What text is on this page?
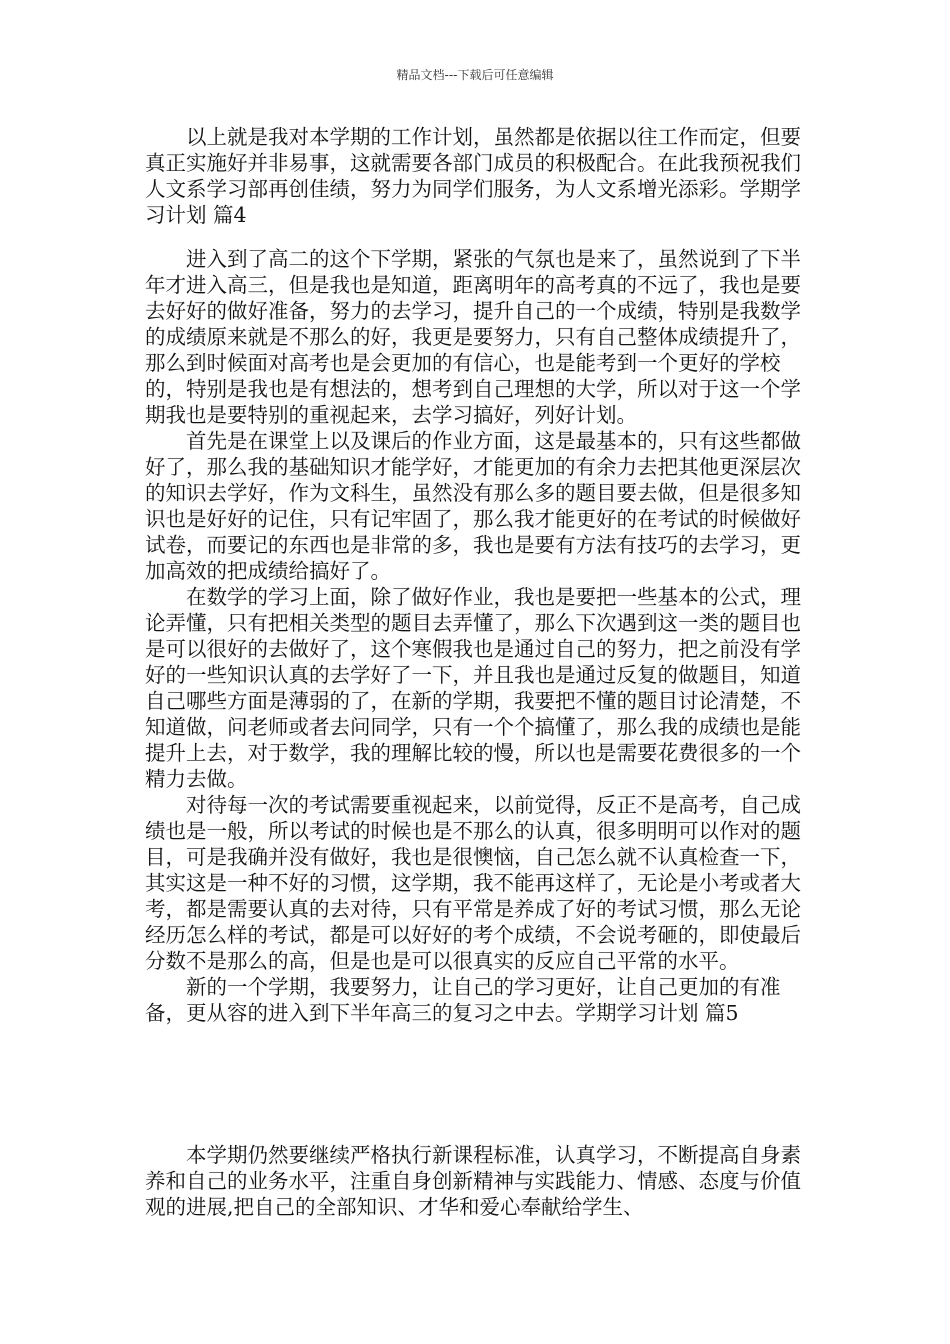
精品文档---下载后可任意编辑

以上就是我对本学期的工作计划，虽然都是依据以往工作而定，但要真正实施好并非易事，这就需要各部门成员的积极配合。在此我预祝我们人文系学习部再创佳绩，努力为同学们服务，为人文系增光添彩。学期学习计划 篇4

进入到了高二的这个下学期，紧张的气氛也是来了，虽然说到了下半年才进入高三，但是我也是知道，距离明年的高考真的不远了，我也是要去好好的做好准备，努力的去学习，提升自己的一个成绩，特别是我数学的成绩原来就是不那么的好，我更是要努力，只有自己整体成绩提升了，那么到时候面对高考也是会更加的有信心，也是能考到一个更好的学校的，特别是我也是有想法的，想考到自己理想的大学，所以对于这一个学期我也是要特别的重视起来，去学习搞好，列好计划。

首先是在课堂上以及课后的作业方面，这是最基本的，只有这些都做好了，那么我的基础知识才能学好，才能更加的有余力去把其他更深层次的知识去学好，作为文科生，虽然没有那么多的题目要去做，但是很多知识也是好好的记住，只有记牢固了，那么我才能更好的在考试的时候做好试卷，而要记的东西也是非常的多，我也是要有方法有技巧的去学习，更加高效的把成绩给搞好了。

在数学的学习上面，除了做好作业，我也是要把一些基本的公式，理论弄懂，只有把相关类型的题目去弄懂了，那么下次遇到这一类的题目也是可以很好的去做好了，这个寒假我也是通过自己的努力，把之前没有学好的一些知识认真的去学好了一下，并且我也是通过反复的做题目，知道自己哪些方面是薄弱的了，在新的学期，我要把不懂的题目讨论清楚，不知道做，问老师或者去问同学，只有一个个搞懂了，那么我的成绩也是能提升上去，对于数学，我的理解比较的慢，所以也是需要花费很多的一个精力去做。

对待每一次的考试需要重视起来，以前觉得，反正不是高考，自己成绩也是一般，所以考试的时候也是不那么的认真，很多明明可以作对的题目，可是我确并没有做好，我也是很懊恼，自己怎么就不认真检查一下，其实这是一种不好的习惯，这学期，我不能再这样了，无论是小考或者大考，都是需要认真的去对待，只有平常是养成了好的考试习惯，那么无论经历怎么样的考试，都是可以好好的考个成绩，不会说考砸的，即使最后分数不是那么的高，但是也是可以很真实的反应自己平常的水平。

新的一个学期，我要努力，让自己的学习更好，让自己更加的有准备，更从容的进入到下半年高三的复习之中去。学期学习计划 篇5

本学期仍然要继续严格执行新课程标准，认真学习，不断提高自身素养和自己的业务水平，注重自身创新精神与实践能力、情感、态度与价值观的进展,把自己的全部知识、才华和爱心奉献给学生、
